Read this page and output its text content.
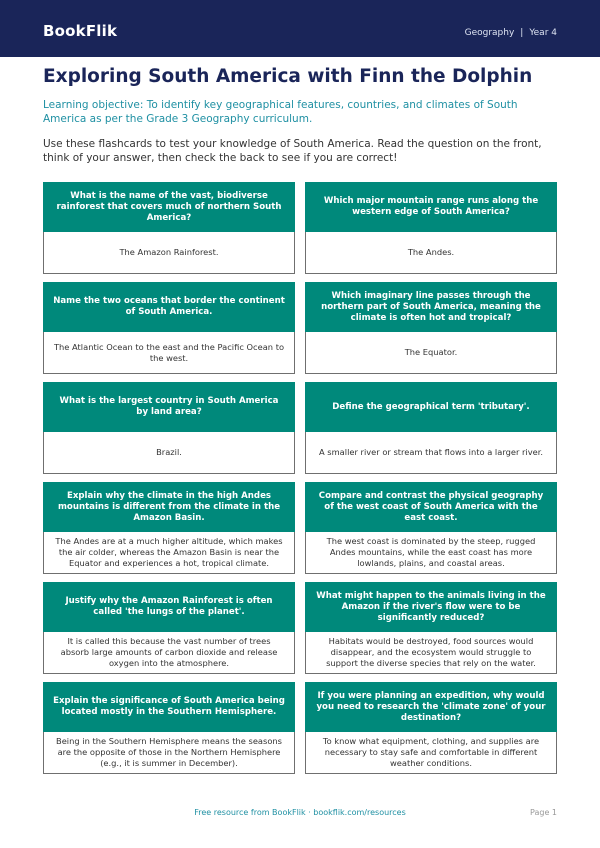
BookFlik	Geography | Year 4
Exploring South America with Finn the Dolphin
Learning objective: To identify key geographical features, countries, and climates of South America as per the Grade 3 Geography curriculum.
Use these flashcards to test your knowledge of South America. Read the question on the front, think of your answer, then check the back to see if you are correct!
What is the name of the vast, biodiverse rainforest that covers much of northern South America?
The Amazon Rainforest.
Which major mountain range runs along the western edge of South America?
The Andes.
Name the two oceans that border the continent of South America.
The Atlantic Ocean to the east and the Pacific Ocean to the west.
Which imaginary line passes through the northern part of South America, meaning the climate is often hot and tropical?
The Equator.
What is the largest country in South America by land area?
Brazil.
Define the geographical term 'tributary'.
A smaller river or stream that flows into a larger river.
Explain why the climate in the high Andes mountains is different from the climate in the Amazon Basin.
The Andes are at a much higher altitude, which makes the air colder, whereas the Amazon Basin is near the Equator and experiences a hot, tropical climate.
Compare and contrast the physical geography of the west coast of South America with the east coast.
The west coast is dominated by the steep, rugged Andes mountains, while the east coast has more lowlands, plains, and coastal areas.
Justify why the Amazon Rainforest is often called 'the lungs of the planet'.
It is called this because the vast number of trees absorb large amounts of carbon dioxide and release oxygen into the atmosphere.
What might happen to the animals living in the Amazon if the river's flow were to be significantly reduced?
Habitats would be destroyed, food sources would disappear, and the ecosystem would struggle to support the diverse species that rely on the water.
Explain the significance of South America being located mostly in the Southern Hemisphere.
Being in the Southern Hemisphere means the seasons are the opposite of those in the Northern Hemisphere (e.g., it is summer in December).
If you were planning an expedition, why would you need to research the 'climate zone' of your destination?
To know what equipment, clothing, and supplies are necessary to stay safe and comfortable in different weather conditions.
Free resource from BookFlik · bookflik.com/resources	Page 1
